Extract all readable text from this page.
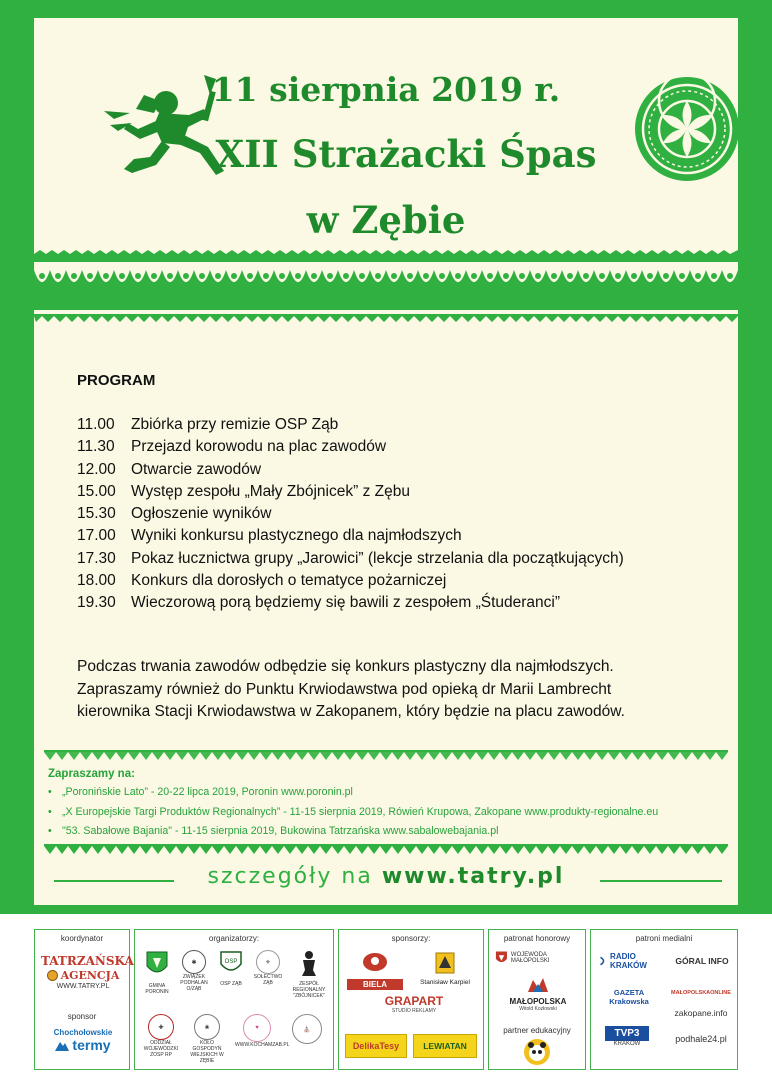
11 sierpnia 2019 r.
XII Strażacki Śpas
w Zębie
PROGRAM
11.00 Zbiórka przy remizie OSP Ząb
11.30 Przejazd korowodu na plac zawodów
12.00 Otwarcie zawodów
15.00 Występ zespołu „Mały Zbójnicek” z Zębu
15.30 Ogłoszenie wyników
17.00 Wyniki konkursu plastycznego dla najmłodszych
17.30 Pokaz łucznictwa grupy „Jarowici” (lekcje strzelania dla początkujących)
18.00 Konkurs dla dorosłych o tematyce pożarniczej
19.30 Wieczorową porą będziemy się bawili z zespołem „Śtuderanci”
Podczas trwania zawodów odbędzie się konkurs plastyczny dla najmłodszych.
Zapraszamy również do Punktu Krwiodawstwa pod opieką dr Marii Lambrecht
kierownika Stacji Krwiodawstwa w Zakopanem, który będzie na placu zawodów.
Zapraszamy na:
• „Poronińskie Lato” - 20-22 lipca 2019, Poronin www.poronin.pl
• „X Europejskie Targi Produktów Regionalnych” - 11-15 sierpnia 2019, Rówień Krupowa, Zakopane www.produkty-regionalne.eu
• "53. Sabałowe Bajania" - 11-15 sierpnia 2019, Bukowina Tatrzańska www.sabalowebajania.pl
szczegóły na www.tatry.pl
koordynator
TATRZAŃSKA
AGENCJA
WWW.TATRY.PL
sponsor
Chochołowskie
termy
organizatorzy:
GMINA PORONIN
✱
ZWIĄZEK PODHALAN O/ZĄB
OSP
OSP ZĄB
⚜
SOŁECTWO ZĄB	ZESPÓŁ REGIONALNY "ZBÓJNICEK"
✚
ODDZIAŁ WOJEWÓDZKI ZOSP RP
❀
KOŁO GOSPODYŃ WIEJSKICH W ZĘBIE
♥
WWW.KOCHAMZAB.PL
⛪
sponsorzy:
BIELA	Stanisław Karpiel
GRAPART
STUDIO REKLAMY
DelikaTesy	LEWIATAN
patronat honorowy
WOJEWODA MAŁOPOLSKI
MAŁOPOLSKA
Witold Kozłowski
partner edukacyjny
patroni medialni
RADIO KRAKÓW	GÓRAL INFO
GAZETA Krakowska
MAŁOPOLSKAONLINE
zakopane.info
TVP3
KRAKÓW	podhale24.pl
